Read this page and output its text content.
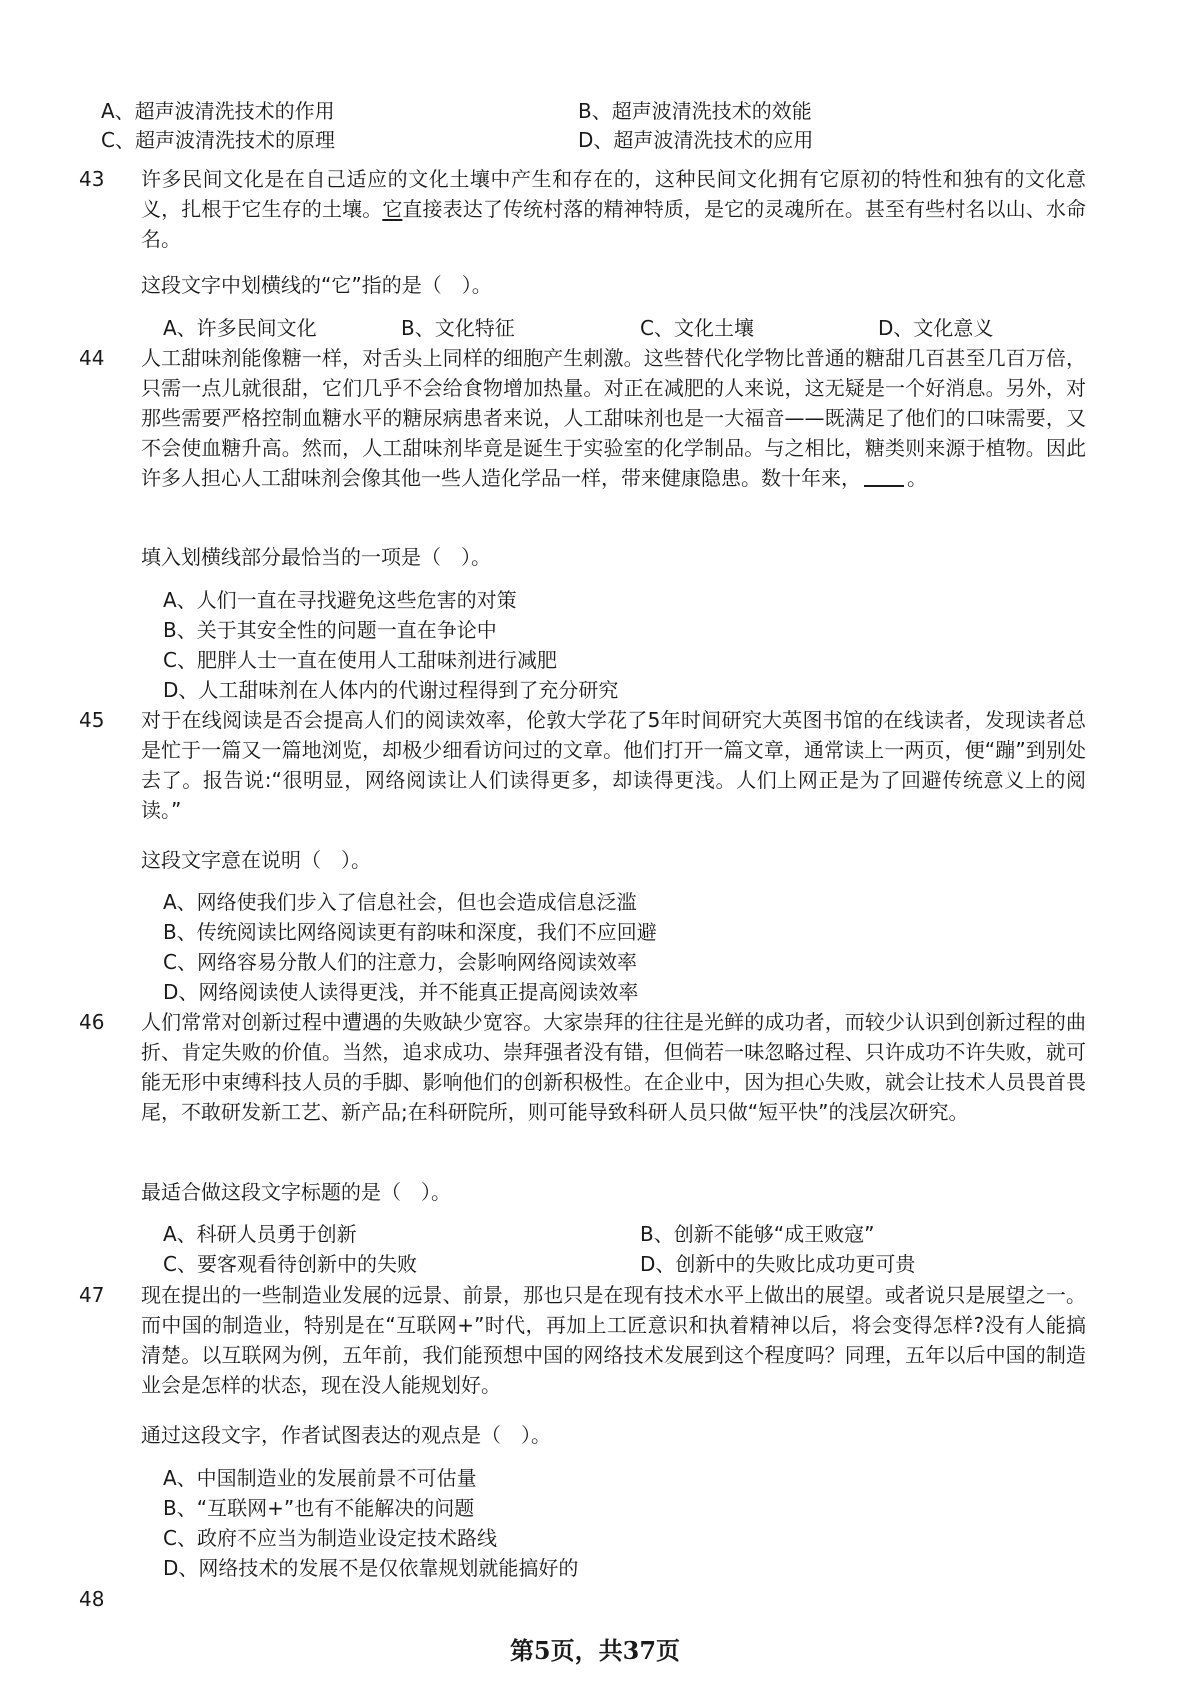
A、超声波清洗技术的作用	B、超声波清洗技术的效能
C、超声波清洗技术的原理	D、超声波清洗技术的应用
43 许多民间文化是在自己适应的文化土壤中产生和存在的，这种民间文化拥有它原初的特性和独有的文化意义，扎根于它生存的土壤。它直接表达了传统村落的精神特质，是它的灵魂所在。甚至有些村名以山、水命名。
这段文字中划横线的“它”指的是（　）。
A、许多民间文化	B、文化特征	C、文化土壤	D、文化意义
44 人工甜味剂能像糖一样，对舌头上同样的细胞产生刺激。这些替代化学物比普通的糖甜几百甚至几百万倍，只需一点儿就很甜，它们几乎不会给食物增加热量。对正在减肥的人来说，这无疑是一个好消息。另外，对那些需要严格控制血糖水平的糖尿病患者来说，人工甜味剂也是一大福音——既满足了他们的口味需要，又不会使血糖升高。然而，人工甜味剂毕竟是诞生于实验室的化学制品。与之相比，糖类则来源于植物。因此许多人担心人工甜味剂会像其他一些人造化学品一样，带来健康隐患。数十年来， 。
填入划横线部分最恰当的一项是（　）。
A、人们一直在寻找避免这些危害的对策
B、关于其安全性的问题一直在争论中
C、肥胖人士一直在使用人工甜味剂进行减肥
D、人工甜味剂在人体内的代谢过程得到了充分研究
45 对于在线阅读是否会提高人们的阅读效率，伦敦大学花了5年时间研究大英图书馆的在线读者，发现读者总是忙于一篇又一篇地浏览，却极少细看访问过的文章。他们打开一篇文章，通常读上一两页，便“蹦”到别处去了。报告说:“很明显，网络阅读让人们读得更多，却读得更浅。人们上网正是为了回避传统意义上的阅读。”
这段文字意在说明（　）。
A、网络使我们步入了信息社会，但也会造成信息泛滥
B、传统阅读比网络阅读更有韵味和深度，我们不应回避
C、网络容易分散人们的注意力，会影响网络阅读效率
D、网络阅读使人读得更浅，并不能真正提高阅读效率
46 人们常常对创新过程中遭遇的失败缺少宽容。大家崇拜的往往是光鲜的成功者，而较少认识到创新过程的曲折、肯定失败的价值。当然，追求成功、崇拜强者没有错，但倘若一味忽略过程、只许成功不许失败，就可能无形中束缚科技人员的手脚、影响他们的创新积极性。在企业中，因为担心失败，就会让技术人员畏首畏尾，不敢研发新工艺、新产品;在科研院所，则可能导致科研人员只做“短平快”的浅层次研究。
最适合做这段文字标题的是（　）。
A、科研人员勇于创新	B、创新不能够“成王败寇”
C、要客观看待创新中的失败	D、创新中的失败比成功更可贵
47 现在提出的一些制造业发展的远景、前景，那也只是在现有技术水平上做出的展望。或者说只是展望之一。而中国的制造业，特别是在“互联网+”时代，再加上工匠意识和执着精神以后，将会变得怎样?没有人能搞清楚。以互联网为例，五年前，我们能预想中国的网络技术发展到这个程度吗？同理，五年以后中国的制造业会是怎样的状态，现在没人能规划好。
通过这段文字，作者试图表达的观点是（　）。
A、中国制造业的发展前景不可估量
B、“互联网+”也有不能解决的问题
C、政府不应当为制造业设定技术路线
D、网络技术的发展不是仅依靠规划就能搞好的
48
第5页，共37页
